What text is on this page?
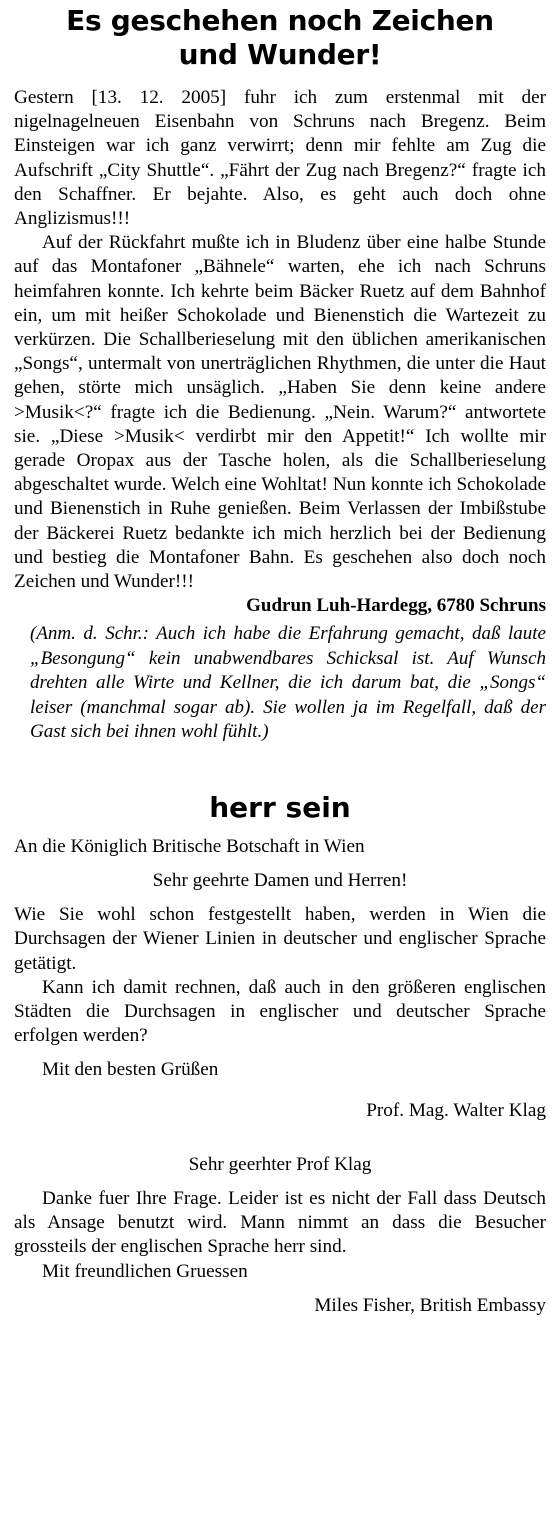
Es geschehen noch Zeichen und Wunder!

Gestern [13. 12. 2005] fuhr ich zum erstenmal mit der nigelnagelneuen Eisenbahn von Schruns nach Bregenz. Beim Einsteigen war ich ganz verwirrt; denn mir fehlte am Zug die Aufschrift „City Shuttle“. „Fährt der Zug nach Bregenz?“ fragte ich den Schaffner. Er bejahte. Also, es geht auch doch ohne Anglizismus!!!

Auf der Rückfahrt mußte ich in Bludenz über eine halbe Stunde auf das Montafoner „Bähnele“ warten, ehe ich nach Schruns heimfahren konnte. Ich kehrte beim Bäcker Ruetz auf dem Bahnhof ein, um mit heißer Schokolade und Bienenstich die Wartezeit zu verkürzen. Die Schallberieselung mit den üblichen amerikanischen „Songs“, untermalt von unerträglichen Rhythmen, die unter die Haut gehen, störte mich unsäglich. „Haben Sie denn keine andere >Musik<?“ fragte ich die Bedienung. „Nein. Warum?“ antwortete sie. „Diese >Musik< verdirbt mir den Appetit!“ Ich wollte mir gerade Oropax aus der Tasche holen, als die Schallberieselung abgeschaltet wurde. Welch eine Wohltat! Nun konnte ich Schokolade und Bienenstich in Ruhe genießen. Beim Verlassen der Imbißstube der Bäckerei Ruetz bedankte ich mich herzlich bei der Bedienung und bestieg die Montafoner Bahn. Es geschehen also doch noch Zeichen und Wunder!!!

Gudrun Luh-Hardegg, 6780 Schruns

(Anm. d. Schr.: Auch ich habe die Erfahrung gemacht, daß laute „Besongung“ kein unabwendbares Schicksal ist. Auf Wunsch drehten alle Wirte und Kellner, die ich darum bat, die „Songs“ leiser (manchmal sogar ab). Sie wollen ja im Regelfall, daß der Gast sich bei ihnen wohl fühlt.)

herr sein

An die Königlich Britische Botschaft in Wien

Sehr geehrte Damen und Herren!

Wie Sie wohl schon festgestellt haben, werden in Wien die Durchsagen der Wiener Linien in deutscher und englischer Sprache getätigt.

Kann ich damit rechnen, daß auch in den größeren englischen Städten die Durchsagen in englischer und deutscher Sprache erfolgen werden?

Mit den besten Grüßen

Prof. Mag. Walter Klag

Sehr geerhter Prof Klag

Danke fuer Ihre Frage. Leider ist es nicht der Fall dass Deutsch als Ansage benutzt wird. Mann nimmt an dass die Besucher grossteils der englischen Sprache herr sind.

Mit freundlichen Gruessen

Miles Fisher, British Embassy
